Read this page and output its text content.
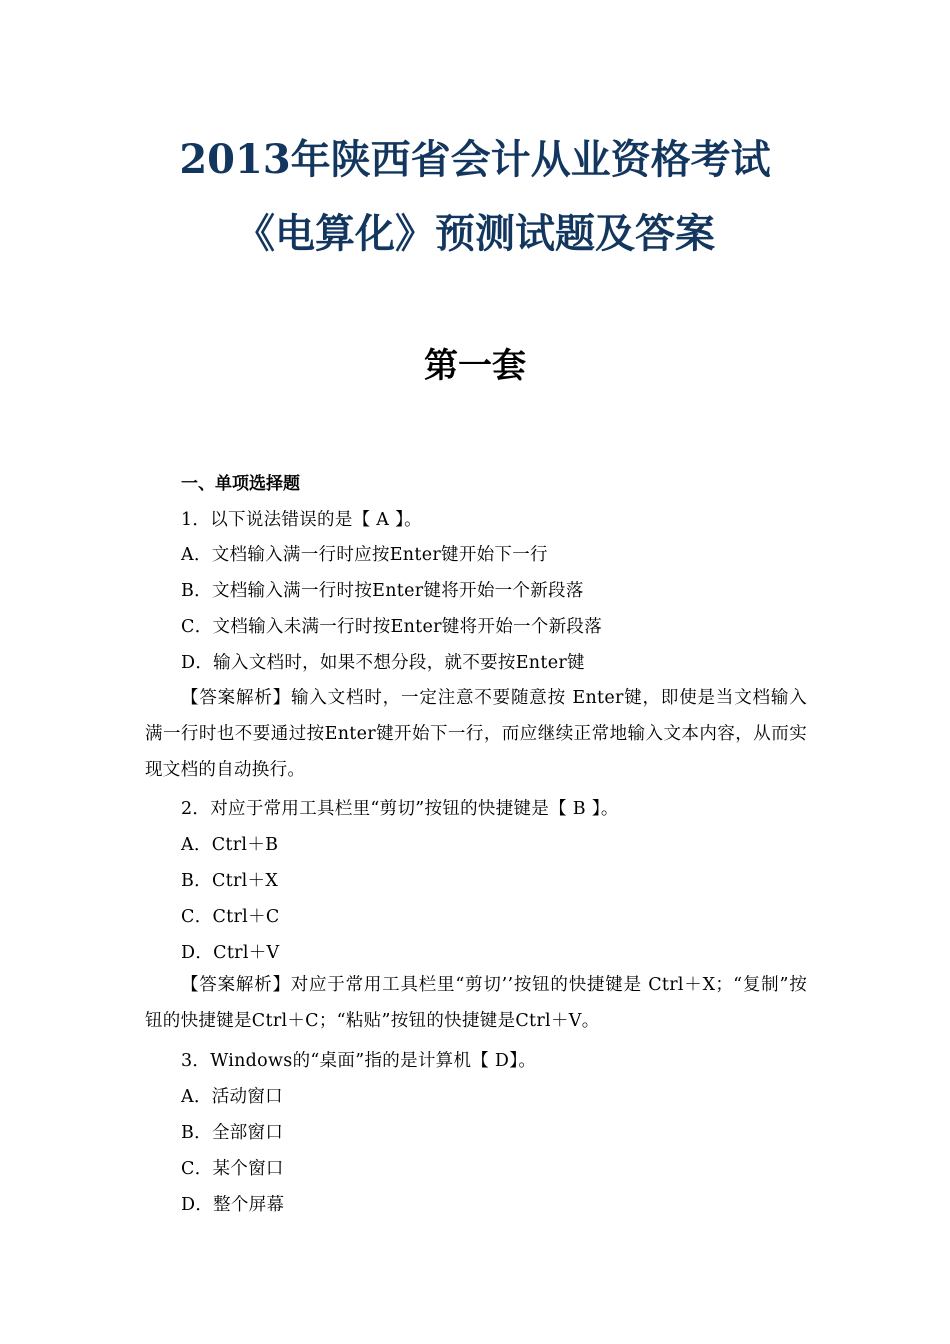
2013年陕西省会计从业资格考试
《电算化》预测试题及答案
第一套
一、单项选择题
1．以下说法错误的是【 A 】。
A．文档输入满一行时应按Enter键开始下一行
B．文档输入满一行时按Enter键将开始一个新段落
C．文档输入未满一行时按Enter键将开始一个新段落
D．输入文档时，如果不想分段，就不要按Enter键
【答案解析】输入文档时，一定注意不要随意按 Enter键，即使是当文档输入满一行时也不要通过按Enter键开始下一行，而应继续正常地输入文本内容，从而实现文档的自动换行。
2．对应于常用工具栏里“剪切”按钮的快捷键是【 B 】。
A．Ctrl＋B
B．Ctrl＋X
C．Ctrl＋C
D．Ctrl＋V
【答案解析】对应于常用工具栏里“剪切’’按钮的快捷键是 Ctrl＋X；“复制”按钮的快捷键是Ctrl＋C；“粘贴”按钮的快捷键是Ctrl＋V。
3．Windows的“桌面”指的是计算机【 D】。
A．活动窗口
B．全部窗口
C．某个窗口
D．整个屏幕
